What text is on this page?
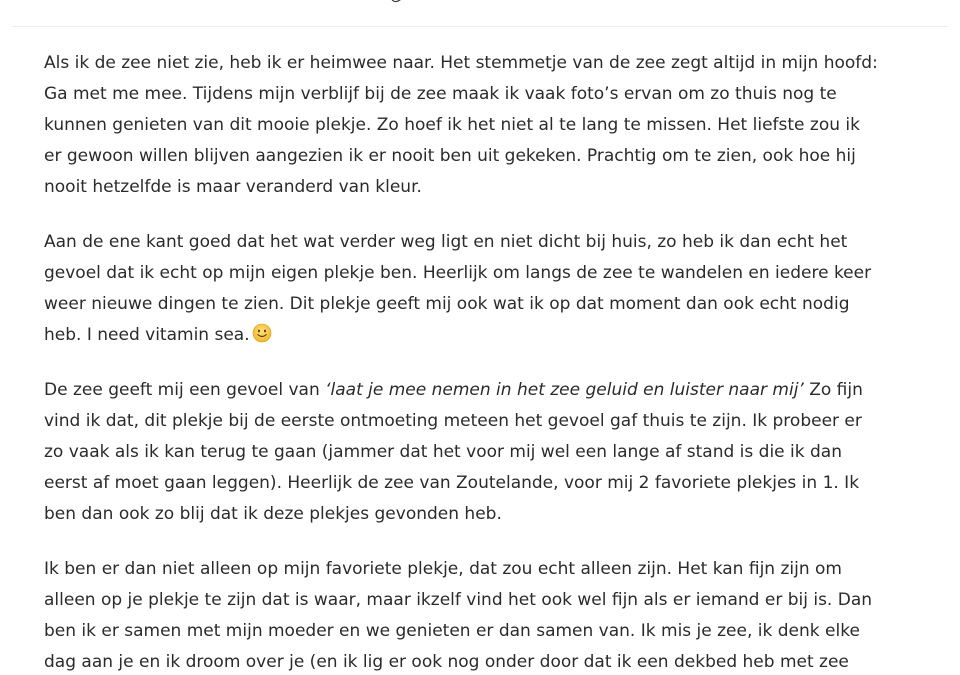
Als ik de zee niet zie, heb ik er heimwee naar. Het stemmetje van de zee zegt altijd in mijn hoofd:
Ga met me mee. Tijdens mijn verblijf bij de zee maak ik vaak foto’s ervan om zo thuis nog te
kunnen genieten van dit mooie plekje. Zo hoef ik het niet al te lang te missen. Het liefste zou ik
er gewoon willen blijven aangezien ik er nooit ben uit gekeken. Prachtig om te zien, ook hoe hij
nooit hetzelfde is maar veranderd van kleur.

Aan de ene kant goed dat het wat verder weg ligt en niet dicht bij huis, zo heb ik dan echt het
gevoel dat ik echt op mijn eigen plekje ben. Heerlijk om langs de zee te wandelen en iedere keer
weer nieuwe dingen te zien. Dit plekje geeft mij ook wat ik op dat moment dan ook echt nodig
heb. I need vitamin sea.

De zee geeft mij een gevoel van ‘laat je mee nemen in het zee geluid en luister naar mij’ Zo fijn
vind ik dat, dit plekje bij de eerste ontmoeting meteen het gevoel gaf thuis te zijn. Ik probeer er
zo vaak als ik kan terug te gaan (jammer dat het voor mij wel een lange af stand is die ik dan
eerst af moet gaan leggen). Heerlijk de zee van Zoutelande, voor mij 2 favoriete plekjes in 1. Ik
ben dan ook zo blij dat ik deze plekjes gevonden heb.

Ik ben er dan niet alleen op mijn favoriete plekje, dat zou echt alleen zijn. Het kan fijn zijn om
alleen op je plekje te zijn dat is waar, maar ikzelf vind het ook wel fijn als er iemand er bij is. Dan
ben ik er samen met mijn moeder en we genieten er dan samen van. Ik mis je zee, ik denk elke
dag aan je en ik droom over je (en ik lig er ook nog onder door dat ik een dekbed heb met zee
